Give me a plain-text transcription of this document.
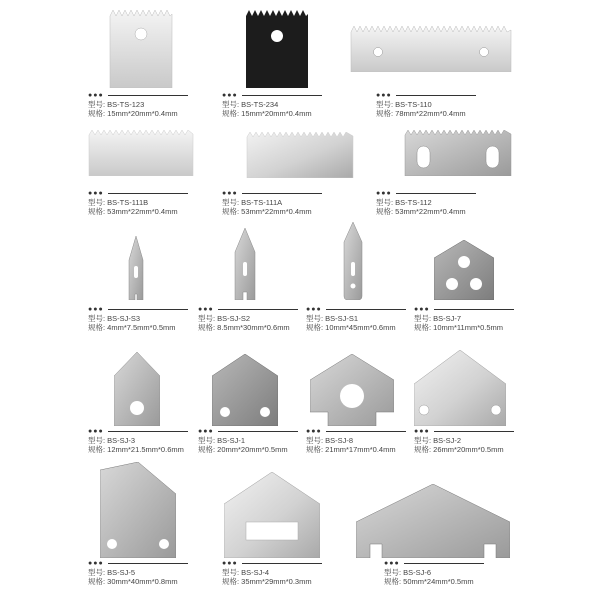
●●●
型号: BS-TS-123
规格: 15mm*20mm*0.4mm
●●●
型号: BS-TS-234
规格: 15mm*20mm*0.4mm
●●●
型号: BS-TS-110
规格: 78mm*22mm*0.4mm
●●●
型号: BS-TS-111B
规格: 53mm*22mm*0.4mm
●●●
型号: BS-TS-111A
规格: 53mm*22mm*0.4mm
●●●
型号: BS-TS-112
规格: 53mm*22mm*0.4mm
●●●
型号: BS-SJ-S3
规格: 4mm*7.5mm*0.5mm
●●●
型号: BS-SJ-S2
规格: 8.5mm*30mm*0.6mm
●●●
型号: BS-SJ-S1
规格: 10mm*45mm*0.6mm
●●●
型号: BS-SJ-7
规格: 10mm*11mm*0.5mm
●●●
型号: BS-SJ-3
规格: 12mm*21.5mm*0.6mm
●●●
型号: BS-SJ-1
规格: 20mm*20mm*0.5mm
●●●
型号: BS-SJ-8
规格: 21mm*17mm*0.4mm
●●●
型号: BS-SJ-2
规格: 26mm*20mm*0.5mm
●●●
型号: BS-SJ-5
规格: 30mm*40mm*0.8mm
●●●
型号: BS-SJ-4
规格: 35mm*29mm*0.3mm
●●●
型号: BS-SJ-6
规格: 50mm*24mm*0.5mm
